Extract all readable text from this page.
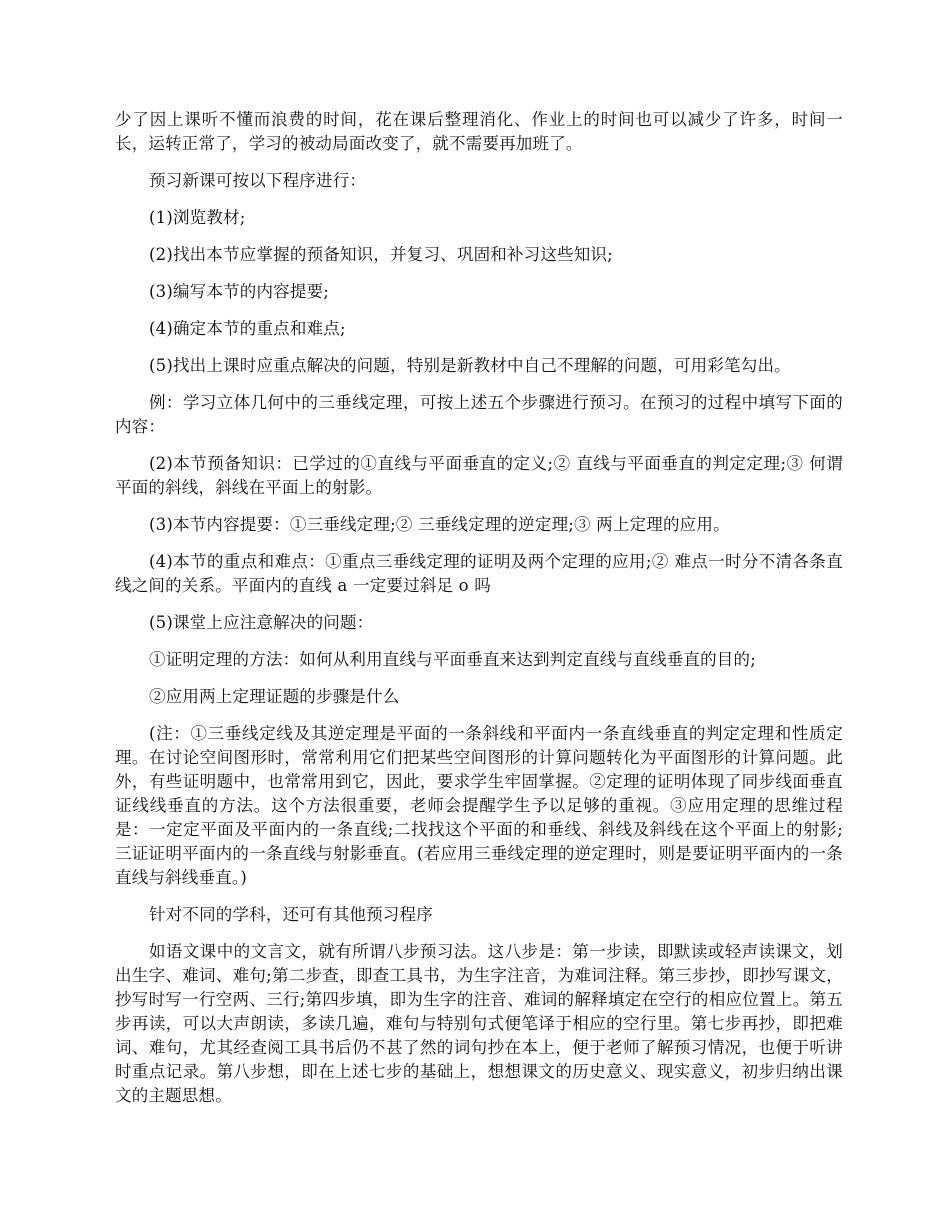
少了因上课听不懂而浪费的时间，花在课后整理消化、作业上的时间也可以减少了许多，时间一长，运转正常了，学习的被动局面改变了，就不需要再加班了。

预习新课可按以下程序进行：

(1)浏览教材;

(2)找出本节应掌握的预备知识，并复习、巩固和补习这些知识;

(3)编写本节的内容提要;

(4)确定本节的重点和难点;

(5)找出上课时应重点解决的问题，特别是新教材中自己不理解的问题，可用彩笔勾出。

例：学习立体几何中的三垂线定理，可按上述五个步骤进行预习。在预习的过程中填写下面的内容：

(2)本节预备知识：已学过的①直线与平面垂直的定义;② 直线与平面垂直的判定定理;③ 何谓平面的斜线，斜线在平面上的射影。

(3)本节内容提要：①三垂线定理;② 三垂线定理的逆定理;③ 两上定理的应用。

(4)本节的重点和难点：①重点三垂线定理的证明及两个定理的应用;② 难点一时分不清各条直线之间的关系。平面内的直线 a 一定要过斜足 o 吗

(5)课堂上应注意解决的问题：

①证明定理的方法：如何从利用直线与平面垂直来达到判定直线与直线垂直的目的;

②应用两上定理证题的步骤是什么

(注：①三垂线定线及其逆定理是平面的一条斜线和平面内一条直线垂直的判定定理和性质定理。在讨论空间图形时，常常利用它们把某些空间图形的计算问题转化为平面图形的计算问题。此外，有些证明题中，也常常用到它，因此，要求学生牢固掌握。②定理的证明体现了同步线面垂直证线线垂直的方法。这个方法很重要，老师会提醒学生予以足够的重视。③应用定理的思维过程是：一定定平面及平面内的一条直线;二找找这个平面的和垂线、斜线及斜线在这个平面上的射影;三证证明平面内的一条直线与射影垂直。(若应用三垂线定理的逆定理时，则是要证明平面内的一条直线与斜线垂直。)

针对不同的学科，还可有其他预习程序

如语文课中的文言文，就有所谓八步预习法。这八步是：第一步读，即默读或轻声读课文，划出生字、难词、难句;第二步查，即查工具书，为生字注音，为难词注释。第三步抄，即抄写课文，抄写时写一行空两、三行;第四步填，即为生字的注音、难词的解释填定在空行的相应位置上。第五步再读，可以大声朗读，多读几遍，难句与特别句式便笔译于相应的空行里。第七步再抄，即把难词、难句，尤其经查阅工具书后仍不甚了然的词句抄在本上，便于老师了解预习情况，也便于听讲时重点记录。第八步想，即在上述七步的基础上，想想课文的历史意义、现实意义，初步归纳出课文的主题思想。
